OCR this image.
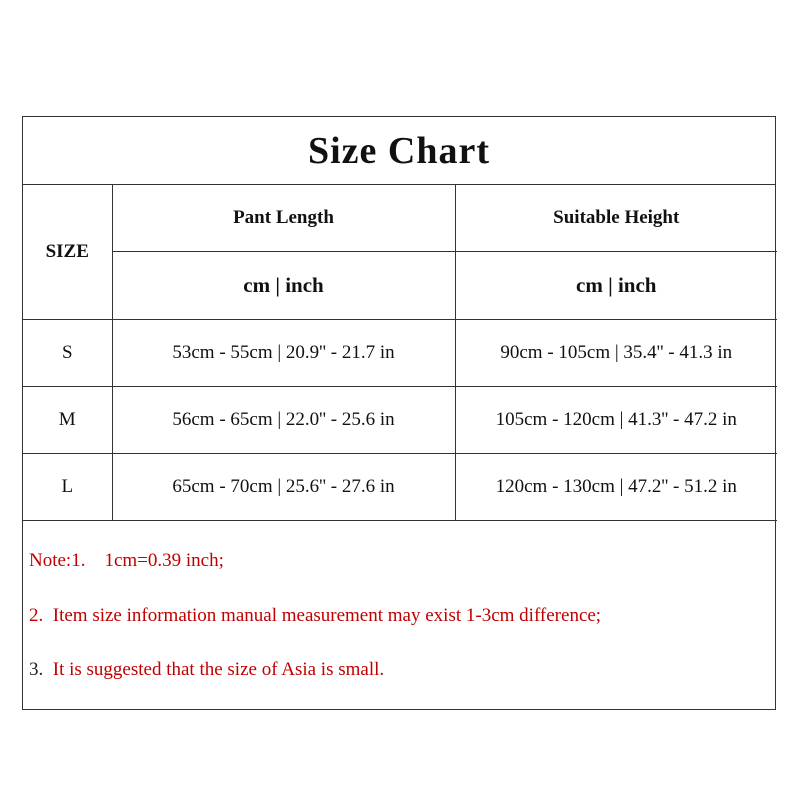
Size Chart
SIZE	Pant Length	Suitable Height
	cm | inch	cm | inch
S	53cm - 55cm | 20.9'' - 21.7 in	90cm - 105cm | 35.4'' - 41.3 in
M	56cm - 65cm | 22.0'' - 25.6 in	105cm - 120cm | 41.3'' - 47.2 in
L	65cm - 70cm | 25.6'' - 27.6 in	120cm - 130cm | 47.2'' - 51.2 in
Note:1.    1cm=0.39 inch;
2.  Item size information manual measurement may exist 1-3cm difference;
3.  It is suggested that the size of Asia is small.
